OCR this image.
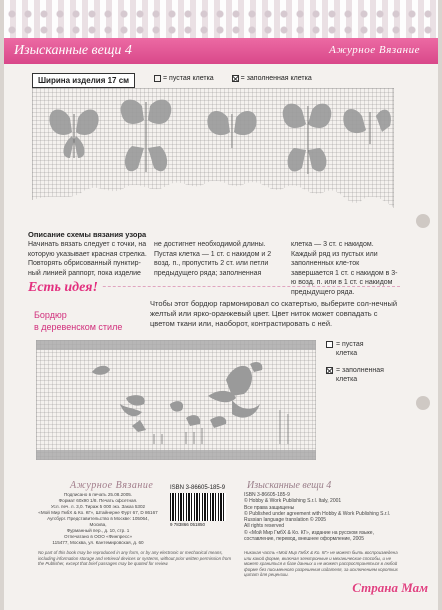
Изысканные вещи 4	Ажурное Вязание
Ширина изделия 17 см	= пустая клетка	= заполненная клетка
Описание схемы вязания узора
Начинать вязать следует с точки, на которую указывает красная стрелка. Повторять обрисованный пунктир-ный линией раппорт, пока изделие
не достигнет необходимой длины. Пустая клетка — 1 ст. с накидом и 2 возд. п., пропустить 2 ст. или петли предыдущего ряда; заполненная
клетка — 3 ст. с накидом. Каждый ряд из пустых или заполненных кле-ток завершается 1 ст. с накидом в 3-ю возд. п. или в 1 ст. с накидом предыдущего ряда.
Есть идея!
Чтобы этот бордюр гармонировал со скатертью, выберите сол-нечный желтый или ярко-оранжевый цвет. Цвет ниток может совпадать с цветом ткани или, наоборот, контрастировать с ней.
Бордюр
в деревенском стиле
= пустая
клетка
= заполненная
клетка
Ажурное Вязание
Подписано в печать 25.08.2005.
Формат 60х90 1/8. Печать офсетная.
Усл. печ. л. 3,0. Тираж 5 000 экз. Заказ 5302
«Мой Мир ГмбХ & Ко. КГ», Штайнерне Фурт 67, D 86167
Аугсбург. Представительство в Москве: 105064, Москва,
Фурманный пер., д. 10, стр. 1
Отпечатано в ООО «Финпресс»
115477, Москва, ул. Кантемировская, д. 60
ISBN 3-86605-185-9
9 783866 051850
Изысканные вещи 4
ISBN 3-86605-185-9
© Hobby & Work Publishing S.r.l. Italy, 2001
Все права защищены
© Published under agreement with Hobby & Work Publishing S.r.l. Russian language translation © 2005
All rights reserved
© «Мой Мир ГмбХ & Ко. КГ», издание на русском языке, составление, перевод, внешнее оформление, 2005
No part of this book may be reproduced in any form, or by any electronic or mechanical means, including information storage and retrieval devices or systems, without prior written permission from the Publisher, except that brief passages may be quoted for review.
Никакая часть «Мой Мир ГмбХ & Ко. КГ» не может быть воспроизведена или какой форме, включая электронные и механические способы, и не может храниться в базе данных и не может распространяться в любой форме без письменного разрешения издателя, за исключением коротких цитат для рецензии.
Страна Мам
